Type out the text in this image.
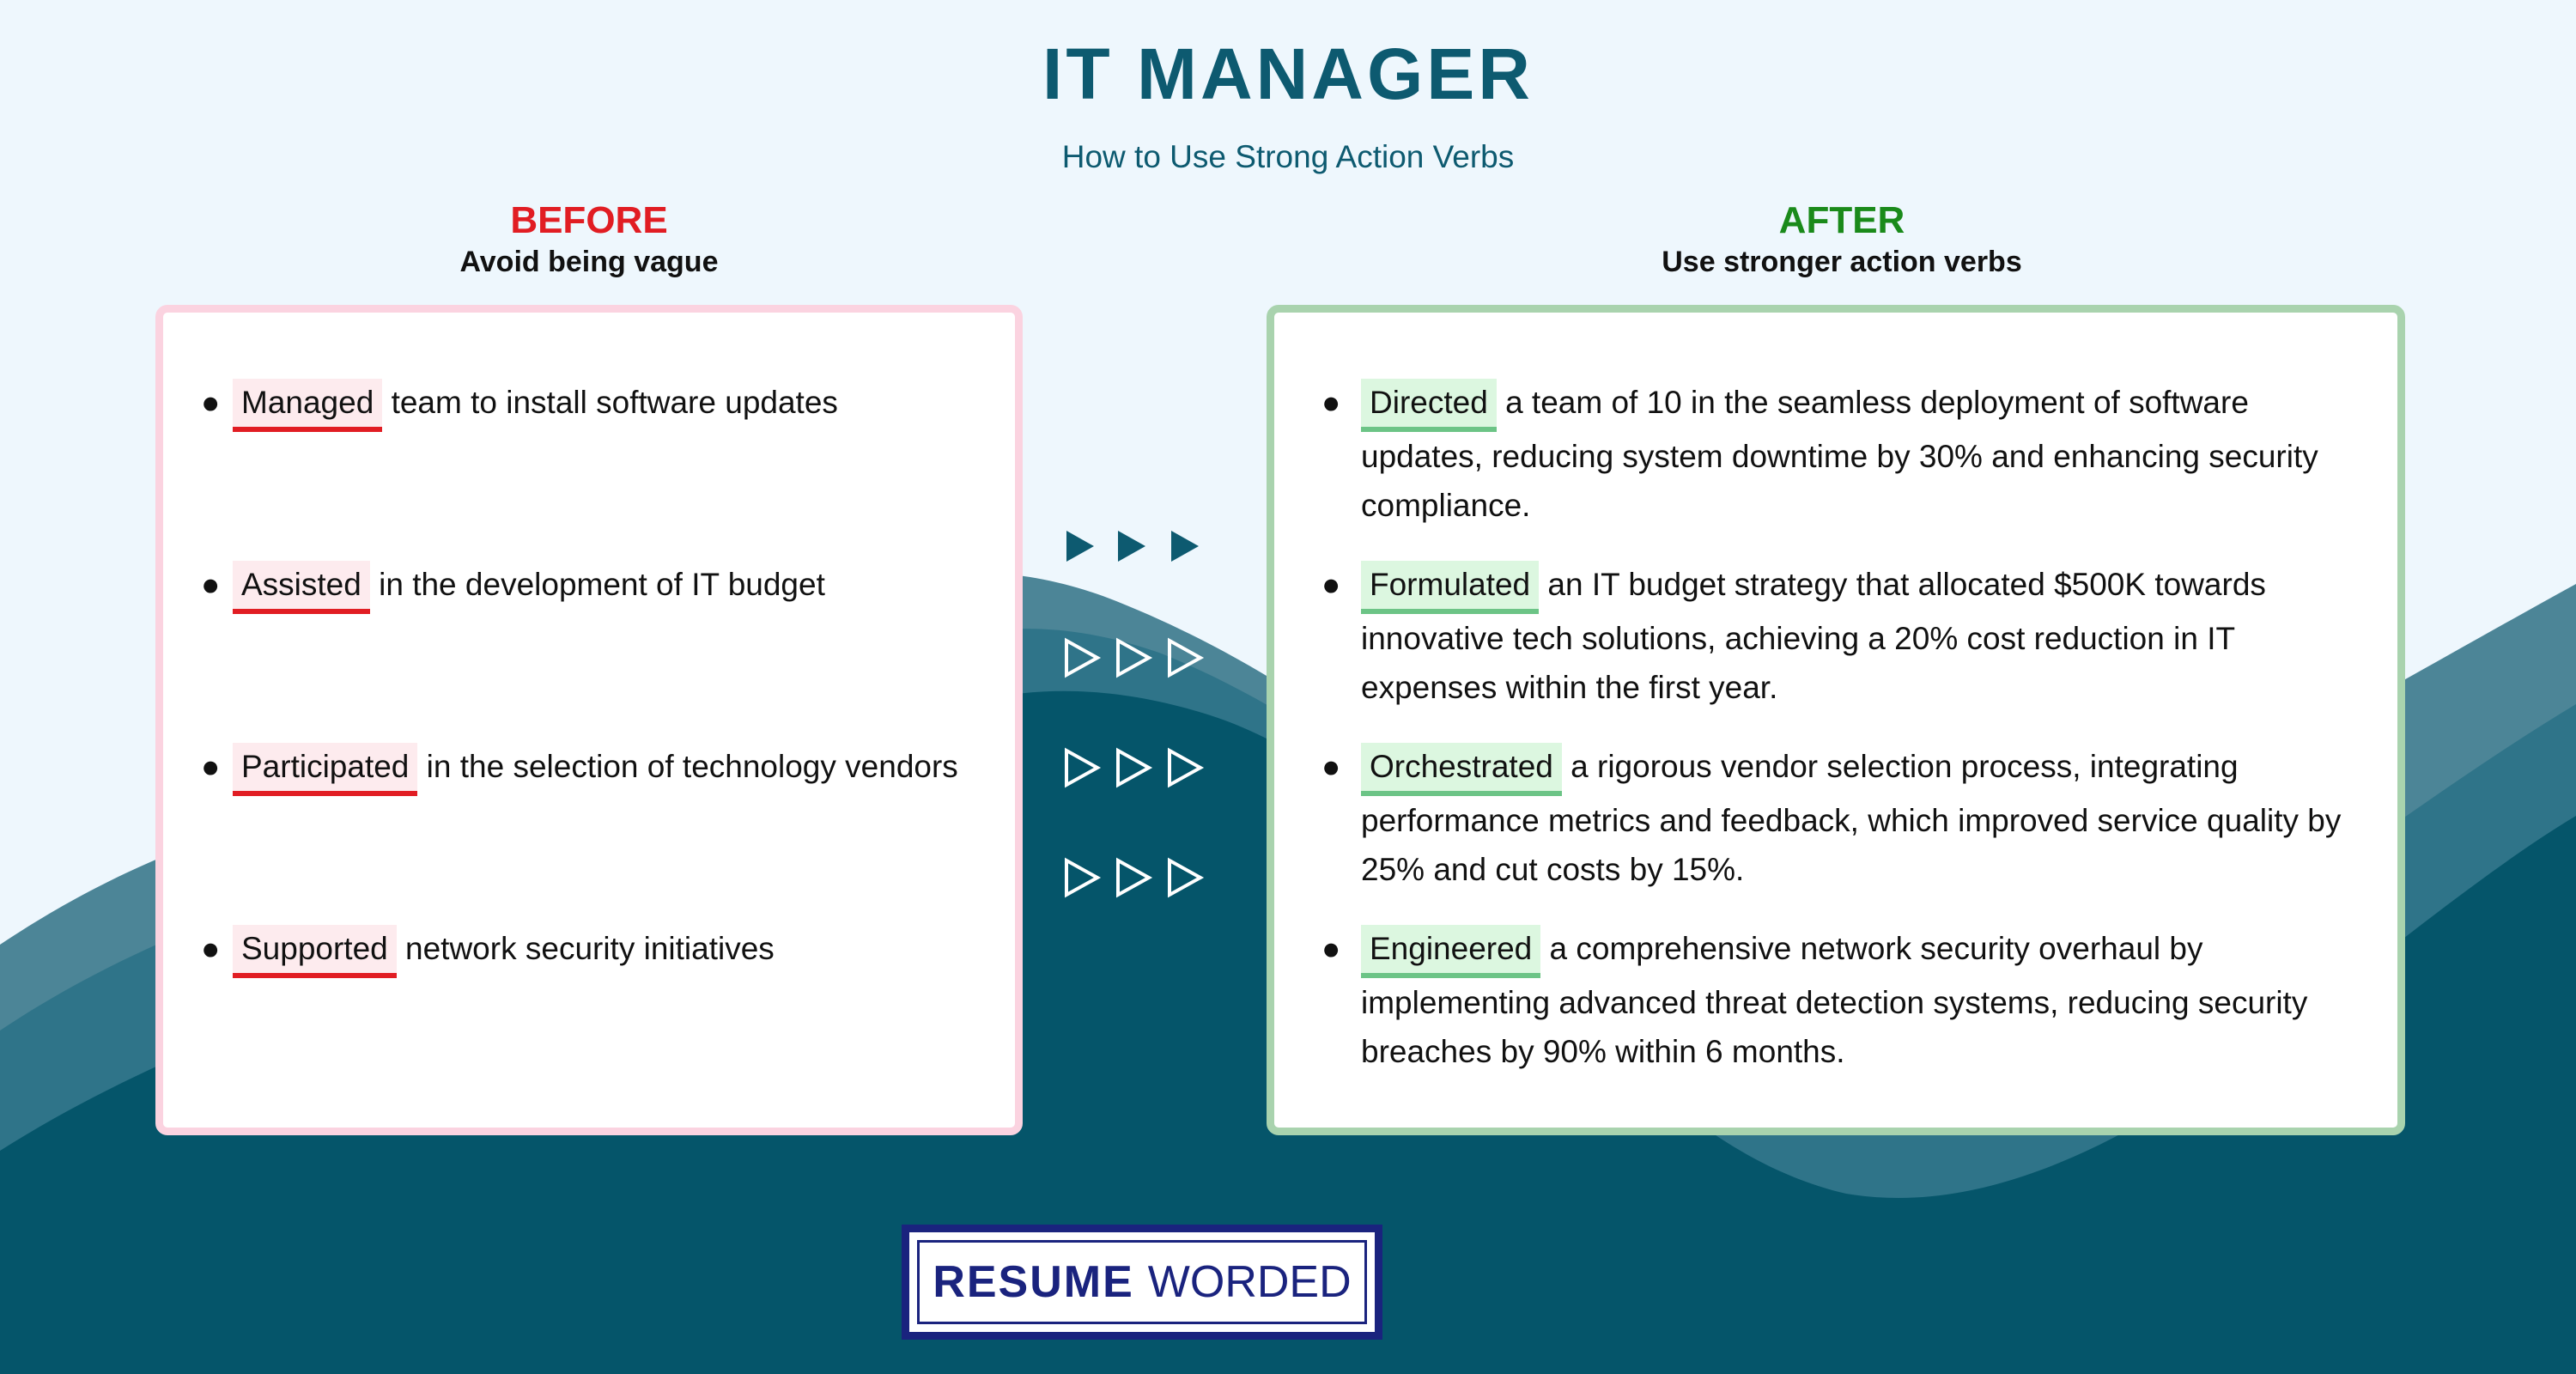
IT MANAGER
How to Use Strong Action Verbs
BEFORE
Avoid being vague
AFTER
Use stronger action verbs
● Managed team to install software updates
● Assisted in the development of IT budget
● Participated in the selection of technology vendors
● Supported network security initiatives
● Directed a team of 10 in the seamless deployment of software updates, reducing system downtime by 30% and enhancing security compliance.
● Formulated an IT budget strategy that allocated $500K towards innovative tech solutions, achieving a 20% cost reduction in IT expenses within the first year.
● Orchestrated a rigorous vendor selection process, integrating performance metrics and feedback, which improved service quality by 25% and cut costs by 15%.
● Engineered a comprehensive network security overhaul by implementing advanced threat detection systems, reducing security breaches by 90% within 6 months.
RESUME WORDED
